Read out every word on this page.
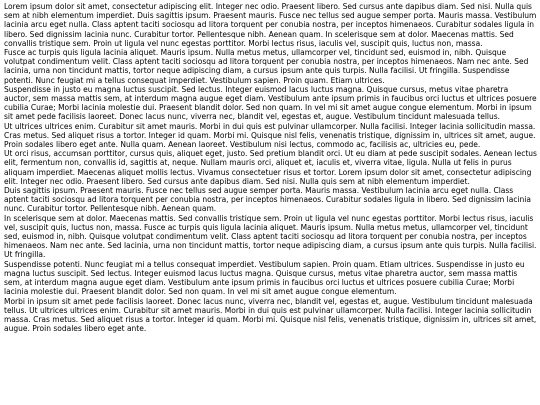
Lorem ipsum dolor sit amet, consectetur adipiscing elit. Integer nec odio. Praesent libero. Sed cursus ante dapibus diam. Sed nisi. Nulla quis sem at nibh elementum imperdiet. Duis sagittis ipsum. Praesent mauris. Fusce nec tellus sed augue semper porta. Mauris massa. Vestibulum lacinia arcu eget nulla. Class aptent taciti sociosqu ad litora torquent per conubia nostra, per inceptos himenaeos. Curabitur sodales ligula in libero. Sed dignissim lacinia nunc. Curabitur tortor. Pellentesque nibh. Aenean quam. In scelerisque sem at dolor. Maecenas mattis. Sed convallis tristique sem. Proin ut ligula vel nunc egestas porttitor. Morbi lectus risus, iaculis vel, suscipit quis, luctus non, massa.

Fusce ac turpis quis ligula lacinia aliquet. Mauris ipsum. Nulla metus metus, ullamcorper vel, tincidunt sed, euismod in, nibh. Quisque volutpat condimentum velit. Class aptent taciti sociosqu ad litora torquent per conubia nostra, per inceptos himenaeos. Nam nec ante. Sed lacinia, urna non tincidunt mattis, tortor neque adipiscing diam, a cursus ipsum ante quis turpis. Nulla facilisi. Ut fringilla. Suspendisse potenti. Nunc feugiat mi a tellus consequat imperdiet. Vestibulum sapien. Proin quam. Etiam ultrices.

Suspendisse in justo eu magna luctus suscipit. Sed lectus. Integer euismod lacus luctus magna. Quisque cursus, metus vitae pharetra auctor, sem massa mattis sem, at interdum magna augue eget diam. Vestibulum ante ipsum primis in faucibus orci luctus et ultrices posuere cubilia Curae; Morbi lacinia molestie dui. Praesent blandit dolor. Sed non quam. In vel mi sit amet augue congue elementum. Morbi in ipsum sit amet pede facilisis laoreet. Donec lacus nunc, viverra nec, blandit vel, egestas et, augue. Vestibulum tincidunt malesuada tellus.

Ut ultrices ultrices enim. Curabitur sit amet mauris. Morbi in dui quis est pulvinar ullamcorper. Nulla facilisi. Integer lacinia sollicitudin massa. Cras metus. Sed aliquet risus a tortor. Integer id quam. Morbi mi. Quisque nisl felis, venenatis tristique, dignissim in, ultrices sit amet, augue. Proin sodales libero eget ante. Nulla quam. Aenean laoreet. Vestibulum nisi lectus, commodo ac, facilisis ac, ultricies eu, pede.

Ut orci risus, accumsan porttitor, cursus quis, aliquet eget, justo. Sed pretium blandit orci. Ut eu diam at pede suscipit sodales. Aenean lectus elit, fermentum non, convallis id, sagittis at, neque. Nullam mauris orci, aliquet et, iaculis et, viverra vitae, ligula. Nulla ut felis in purus aliquam imperdiet. Maecenas aliquet mollis lectus. Vivamus consectetuer risus et tortor. Lorem ipsum dolor sit amet, consectetur adipiscing elit. Integer nec odio. Praesent libero. Sed cursus ante dapibus diam. Sed nisi. Nulla quis sem at nibh elementum imperdiet.

Duis sagittis ipsum. Praesent mauris. Fusce nec tellus sed augue semper porta. Mauris massa. Vestibulum lacinia arcu eget nulla. Class aptent taciti sociosqu ad litora torquent per conubia nostra, per inceptos himenaeos. Curabitur sodales ligula in libero. Sed dignissim lacinia nunc. Curabitur tortor. Pellentesque nibh. Aenean quam.

In scelerisque sem at dolor. Maecenas mattis. Sed convallis tristique sem. Proin ut ligula vel nunc egestas porttitor. Morbi lectus risus, iaculis vel, suscipit quis, luctus non, massa. Fusce ac turpis quis ligula lacinia aliquet. Mauris ipsum. Nulla metus metus, ullamcorper vel, tincidunt sed, euismod in, nibh. Quisque volutpat condimentum velit. Class aptent taciti sociosqu ad litora torquent per conubia nostra, per inceptos himenaeos. Nam nec ante. Sed lacinia, urna non tincidunt mattis, tortor neque adipiscing diam, a cursus ipsum ante quis turpis. Nulla facilisi. Ut fringilla.

Suspendisse potenti. Nunc feugiat mi a tellus consequat imperdiet. Vestibulum sapien. Proin quam. Etiam ultrices. Suspendisse in justo eu magna luctus suscipit. Sed lectus. Integer euismod lacus luctus magna. Quisque cursus, metus vitae pharetra auctor, sem massa mattis sem, at interdum magna augue eget diam. Vestibulum ante ipsum primis in faucibus orci luctus et ultrices posuere cubilia Curae; Morbi lacinia molestie dui. Praesent blandit dolor. Sed non quam. In vel mi sit amet augue congue elementum.

Morbi in ipsum sit amet pede facilisis laoreet. Donec lacus nunc, viverra nec, blandit vel, egestas et, augue. Vestibulum tincidunt malesuada tellus. Ut ultrices ultrices enim. Curabitur sit amet mauris. Morbi in dui quis est pulvinar ullamcorper. Nulla facilisi. Integer lacinia sollicitudin massa. Cras metus. Sed aliquet risus a tortor. Integer id quam. Morbi mi. Quisque nisl felis, venenatis tristique, dignissim in, ultrices sit amet, augue. Proin sodales libero eget ante.
